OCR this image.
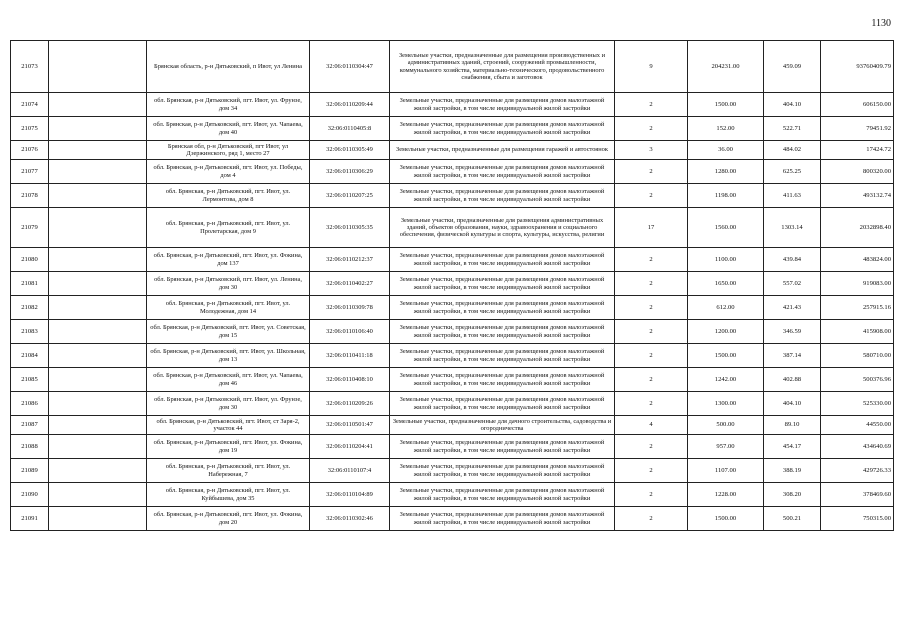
1130
21073		Брянская область, р-н Дятьковский, п Ивот, ул Ленина	32:06:0110304:47	Земельные участки, предназначенные для размещения производственных и административных зданий, строений, сооружений промышленности, коммунального хозяйства, материально-технического, продовольственного снабжения, сбыта и заготовок	9	204231.00	459.09	93760409.79
21074		обл. Брянская, р-н Дятьковский, пгт. Ивот, ул. Фрунзе, дом 34	32:06:0110209:44	Земельные участки, предназначенные для размещения домов малоэтажной жилой застройки, в том числе индивидуальной жилой застройки	2	1500.00	404.10	606150.00
21075		обл. Брянская, р-н Дятьковский, пгт. Ивот, ул. Чапаева, дом 40	32:06:0110405:8	Земельные участки, предназначенные для размещения домов малоэтажной жилой застройки, в том числе индивидуальной жилой застройки	2	152.00	522.71	79451.92
21076		Брянская обл, р-н Дятьковский, пгт Ивот, ул Дзержинского, ряд 1, место 27	32:06:0110305:49	Земельные участки, предназначенные для размещения гаражей и автостоянок	3	36.00	484.02	17424.72
21077		обл. Брянская, р-н Дятьковский, пгт. Ивот, ул. Победы, дом 4	32:06:0110306:29	Земельные участки, предназначенные для размещения домов малоэтажной жилой застройки, в том числе индивидуальной жилой застройки	2	1280.00	625.25	800320.00
21078		обл. Брянская, р-н Дятьковский, пгт. Ивот, ул. Лермонтова, дом 8	32:06:0110207:25	Земельные участки, предназначенные для размещения домов малоэтажной жилой застройки, в том числе индивидуальной жилой застройки	2	1198.00	411.63	493132.74
21079		обл. Брянская, р-н Дятьковский, пгт. Ивот, ул. Пролетарская, дом 9	32:06:0110305:35	Земельные участки, предназначенные для размещения административных зданий, объектов образования, науки, здравоохранения и социального обеспечения, физической культуры и спорта, культуры, искусства, религии	17	1560.00	1303.14	2032898.40
21080		обл. Брянская, р-н Дятьковский, пгт. Ивот, ул. Фокина, дом 137	32:06:0110212:37	Земельные участки, предназначенные для размещения домов малоэтажной жилой застройки, в том числе индивидуальной жилой застройки	2	1100.00	439.84	483824.00
21081		обл. Брянская, р-н Дятьковский, пгт. Ивот, ул. Ленина, дом 30	32:06:0110402:27	Земельные участки, предназначенные для размещения домов малоэтажной жилой застройки, в том числе индивидуальной жилой застройки	2	1650.00	557.02	919083.00
21082		обл. Брянская, р-н Дятьковский, пгт. Ивот, ул. Молодежная, дом 14	32:06:0110309:78	Земельные участки, предназначенные для размещения домов малоэтажной жилой застройки, в том числе индивидуальной жилой застройки	2	612.00	421.43	257915.16
21083		обл. Брянская, р-н Дятьковский, пгт. Ивот, ул. Советская, дом 15	32:06:0110106:40	Земельные участки, предназначенные для размещения домов малоэтажной жилой застройки, в том числе индивидуальной жилой застройки	2	1200.00	346.59	415908.00
21084		обл. Брянская, р-н Дятьковский, пгт. Ивот, ул. Школьная, дом 13	32:06:0110411:18	Земельные участки, предназначенные для размещения домов малоэтажной жилой застройки, в том числе индивидуальной жилой застройки	2	1500.00	387.14	580710.00
21085		обл. Брянская, р-н Дятьковский, пгт. Ивот, ул. Чапаева, дом 46	32:06:0110408:10	Земельные участки, предназначенные для размещения домов малоэтажной жилой застройки, в том числе индивидуальной жилой застройки	2	1242.00	402.88	500376.96
21086		обл. Брянская, р-н Дятьковский, пгт. Ивот, ул. Фрунзе, дом 30	32:06:0110209:26	Земельные участки, предназначенные для размещения домов малоэтажной жилой застройки, в том числе индивидуальной жилой застройки	2	1300.00	404.10	525330.00
21087		обл. Брянская, р-н Дятьковский, пгт. Ивот, ст Заря-2, участок 44	32:06:0110501:47	Земельные участки, предназначенные для дачного строительства, садоводства и огородничества	4	500.00	89.10	44550.00
21088		обл. Брянская, р-н Дятьковский, пгт. Ивот, ул. Фокина, дом 19	32:06:0110204:41	Земельные участки, предназначенные для размещения домов малоэтажной жилой застройки, в том числе индивидуальной жилой застройки	2	957.00	454.17	434640.69
21089		обл. Брянская, р-н Дятьковский, пгт. Ивот, ул. Набережная, 7	32:06:0110107:4	Земельные участки, предназначенные для размещения домов малоэтажной жилой застройки, в том числе индивидуальной жилой застройки	2	1107.00	388.19	429726.33
21090		обл. Брянская, р-н Дятьковский, пгт. Ивот, ул. Куйбышева, дом 35	32:06:0110104:89	Земельные участки, предназначенные для размещения домов малоэтажной жилой застройки, в том числе индивидуальной жилой застройки	2	1228.00	308.20	378469.60
21091		обл. Брянская, р-н Дятьковский, пгт. Ивот, ул. Фокина, дом 20	32:06:0110302:46	Земельные участки, предназначенные для размещения домов малоэтажной жилой застройки, в том числе индивидуальной жилой застройки	2	1500.00	500.21	750315.00
